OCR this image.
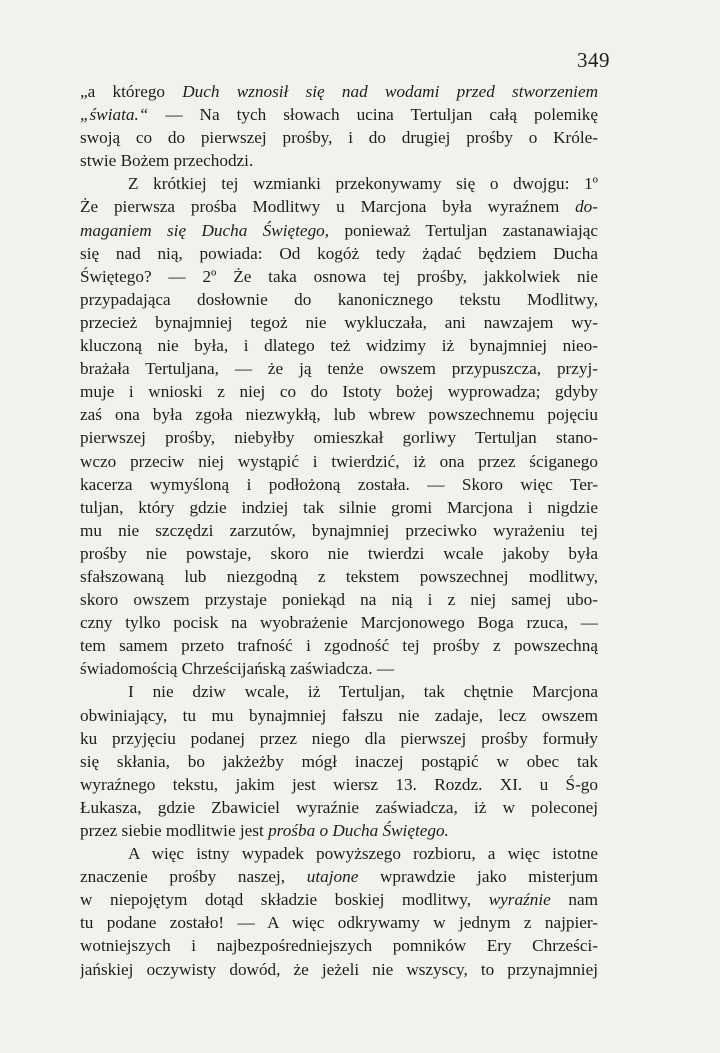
349
„a którego Duch wznosił się nad wodami przed stworzeniem
„świata.“ — Na tych słowach ucina Tertuljan całą polemikę
swoją co do pierwszej prośby, i do drugiej prośby o Króle-
stwie Bożem przechodzi.
Z krótkiej tej wzmianki przekonywamy się o dwojgu: 1º
Że pierwsza prośba Modlitwy u Marcjona była wyraźnem do-
maganiem się Ducha Świętego, ponieważ Tertuljan zastanawiając
się nad nią, powiada: Od kogóż tedy żądać będziem Ducha
Świętego? — 2º Że taka osnowa tej prośby, jakkolwiek nie
przypadająca dosłownie do kanonicznego tekstu Modlitwy,
przecież bynajmniej tegoż nie wykluczała, ani nawzajem wy-
kluczoną nie była, i dlatego też widzimy iż bynajmniej nieo-
brażała Tertuljana, — że ją tenże owszem przypuszcza, przyj-
muje i wnioski z niej co do Istoty bożej wyprowadza; gdyby
zaś ona była zgoła niezwykłą, lub wbrew powszechnemu pojęciu
pierwszej prośby, niebyłby omieszkał gorliwy Tertuljan stano-
wczo przeciw niej wystąpić i twierdzić, iż ona przez ściganego
kacerza wymyśloną i podłożoną została. — Skoro więc Ter-
tuljan, który gdzie indziej tak silnie gromi Marcjona i nigdzie
mu nie szczędzi zarzutów, bynajmniej przeciwko wyrażeniu tej
prośby nie powstaje, skoro nie twierdzi wcale jakoby była
sfałszowaną lub niezgodną z tekstem powszechnej modlitwy,
skoro owszem przystaje poniekąd na nią i z niej samej ubo-
czny tylko pocisk na wyobrażenie Marcjonowego Boga rzuca, —
tem samem przeto trafność i zgodność tej prośby z powszechną
świadomością Chrześcijańską zaświadcza. —
I nie dziw wcale, iż Tertuljan, tak chętnie Marcjona
obwiniający, tu mu bynajmniej fałszu nie zadaje, lecz owszem
ku przyjęciu podanej przez niego dla pierwszej prośby formuły
się skłania, bo jakżeżby mógł inaczej postąpić w obec tak
wyraźnego tekstu, jakim jest wiersz 13. Rozdz. XI. u Ś-go
Łukasza, gdzie Zbawiciel wyraźnie zaświadcza, iż w poleconej
przez siebie modlitwie jest prośba o Ducha Świętego.
A więc istny wypadek powyższego rozbioru, a więc istotne
znaczenie prośby naszej, utajone wprawdzie jako misterjum
w niepojętym dotąd składzie boskiej modlitwy, wyraźnie nam
tu podane zostało! — A więc odkrywamy w jednym z najpier-
wotniejszych i najbezpośredniejszych pomników Ery Chrześci-
jańskiej oczywisty dowód, że jeżeli nie wszyscy, to przynajmniej
